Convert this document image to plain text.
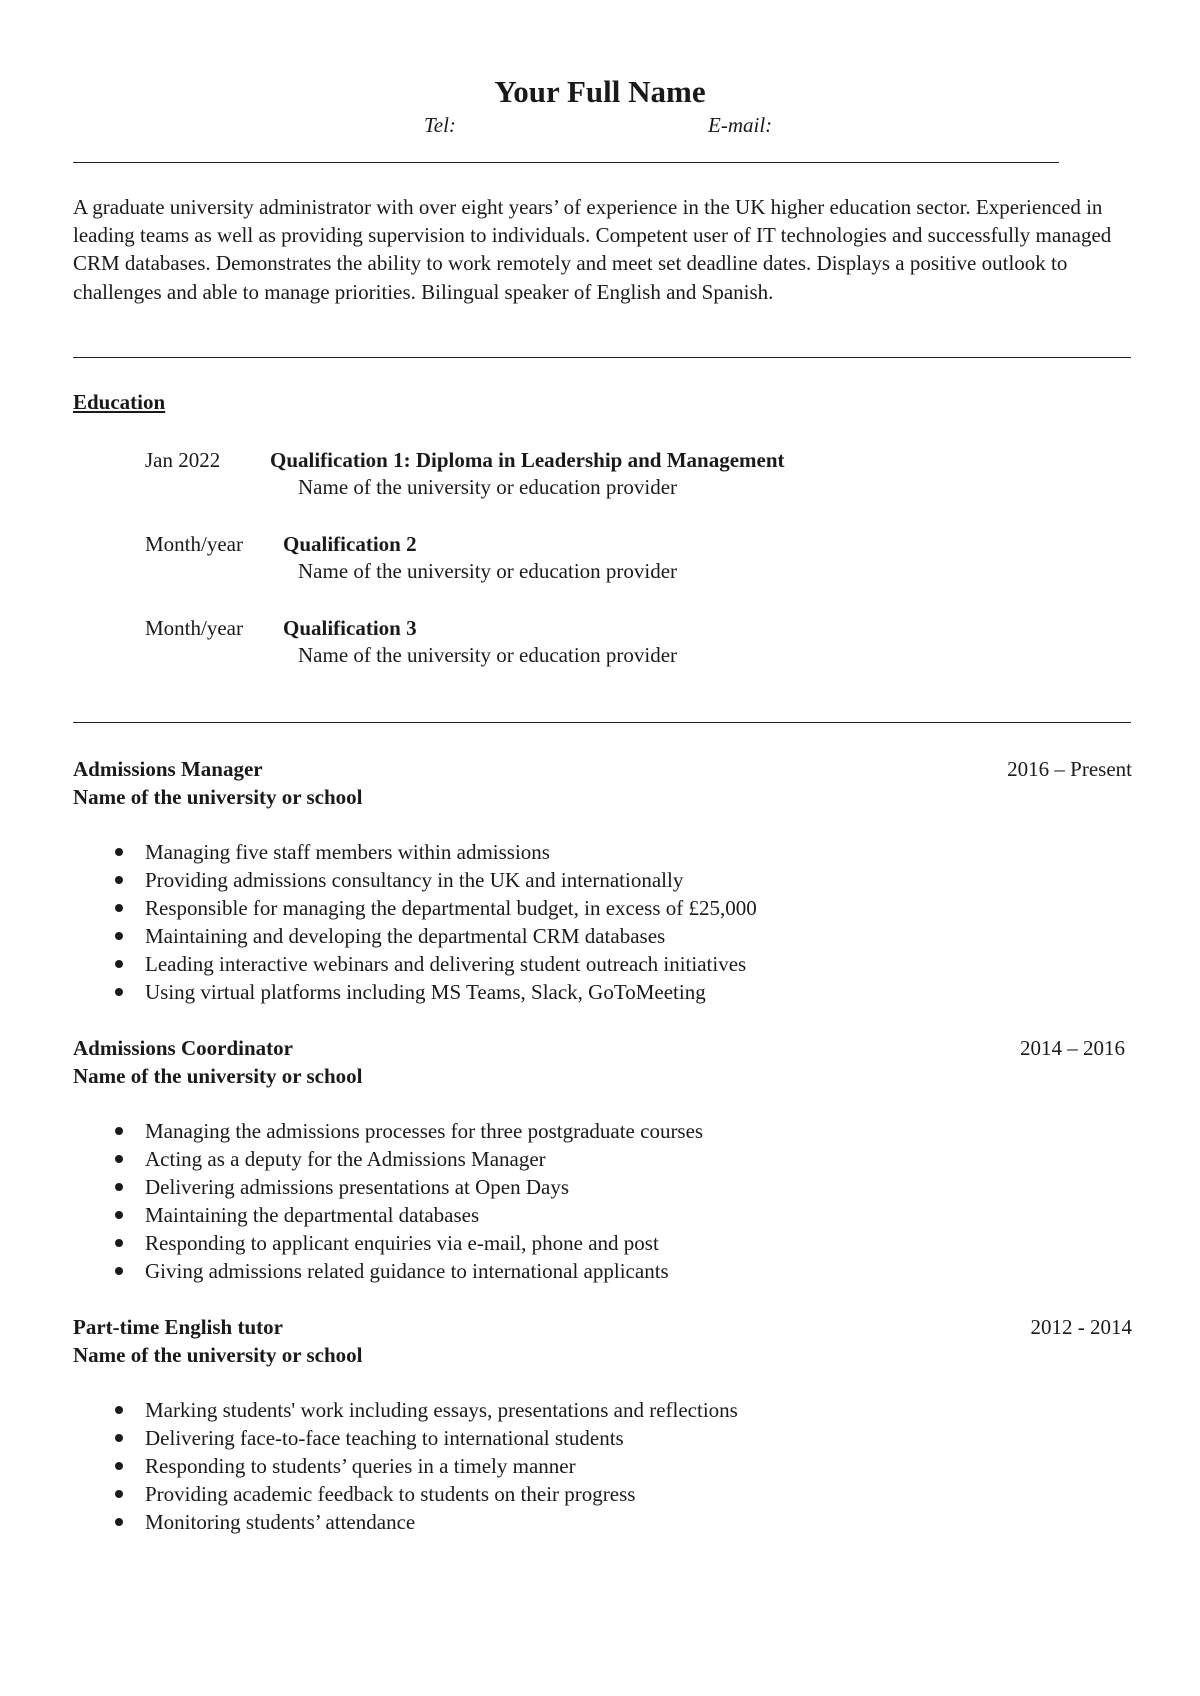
Your Full Name
Tel:	E-mail:
A graduate university administrator with over eight years’ of experience in the UK higher education sector. Experienced in leading teams as well as providing supervision to individuals. Competent user of IT technologies and successfully managed CRM databases. Demonstrates the ability to work remotely and meet set deadline dates. Displays a positive outlook to challenges and able to manage priorities. Bilingual speaker of English and Spanish.
Education
Jan 2022 Qualification 1: Diploma in Leadership and Management
Name of the university or education provider
Month/year Qualification 2
Name of the university or education provider
Month/year Qualification 3
Name of the university or education provider
Admissions Manager	2016 – Present
Name of the university or school
Managing five staff members within admissions
Providing admissions consultancy in the UK and internationally
Responsible for managing the departmental budget, in excess of £25,000
Maintaining and developing the departmental CRM databases
Leading interactive webinars and delivering student outreach initiatives
Using virtual platforms including MS Teams, Slack, GoToMeeting
Admissions Coordinator	2014 – 2016
Name of the university or school
Managing the admissions processes for three postgraduate courses
Acting as a deputy for the Admissions Manager
Delivering admissions presentations at Open Days
Maintaining the departmental databases
Responding to applicant enquiries via e-mail, phone and post
Giving admissions related guidance to international applicants
Part-time English tutor	2012 - 2014
Name of the university or school
Marking students' work including essays, presentations and reflections
Delivering face-to-face teaching to international students
Responding to students’ queries in a timely manner
Providing academic feedback to students on their progress
Monitoring students’ attendance
